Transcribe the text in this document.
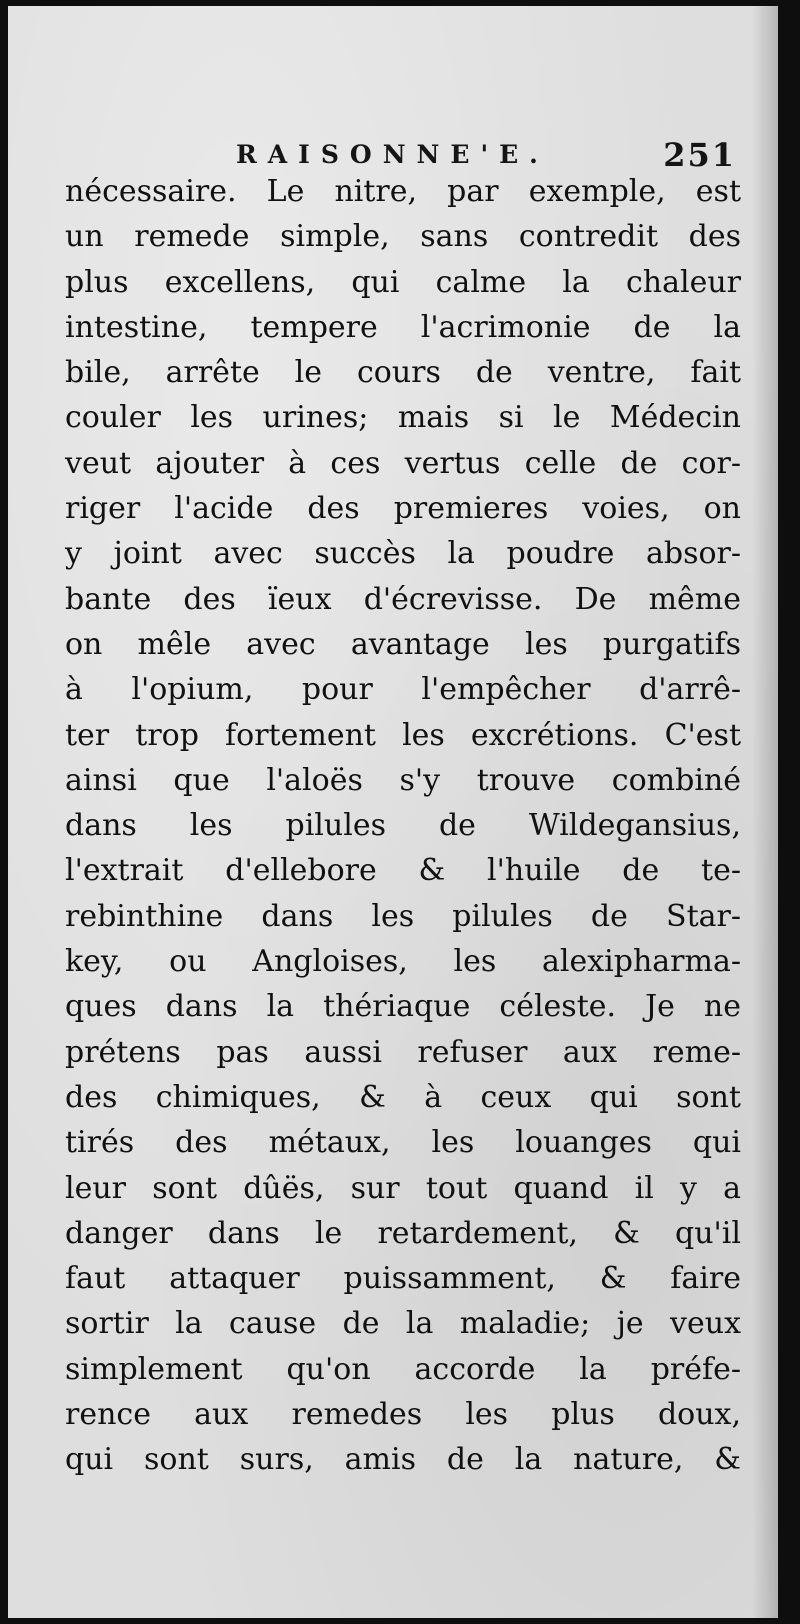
RAISONNE'E.	251
nécessaire. Le nitre, par exemple, est
un remede simple, sans contredit des
plus excellens, qui calme la chaleur
intestine, tempere l'acrimonie de la
bile, arrête le cours de ventre, fait
couler les urines; mais si le Médecin
veut ajouter à ces vertus celle de cor-
riger l'acide des premieres voies, on
y joint avec succès la poudre absor-
bante des ïeux d'écrevisse. De même
on mêle avec avantage les purgatifs
à l'opium, pour l'empêcher d'arrê-
ter trop fortement les excrétions. C'est
ainsi que l'aloës s'y trouve combiné
dans les pilules de Wildegansius,
l'extrait d'ellebore & l'huile de te-
rebinthine dans les pilules de Star-
key, ou Angloises, les alexipharma-
ques dans la thériaque céleste. Je ne
prétens pas aussi refuser aux reme-
des chimiques, & à ceux qui sont
tirés des métaux, les louanges qui
leur sont dûës, sur tout quand il y a
danger dans le retardement, & qu'il
faut attaquer puissamment, & faire
sortir la cause de la maladie; je veux
simplement qu'on accorde la préfe-
rence aux remedes les plus doux,
qui sont surs, amis de la nature, &
